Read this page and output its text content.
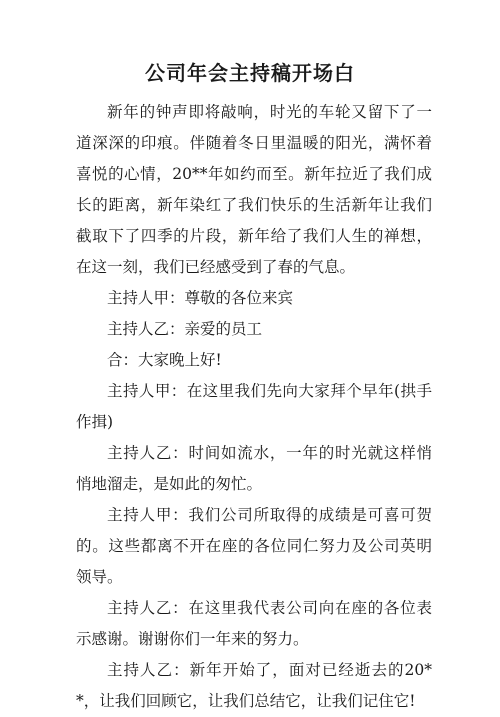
公司年会主持稿开场白

新年的钟声即将敲响，时光的车轮又留下了一道深深的印痕。伴随着冬日里温暖的阳光，满怀着喜悦的心情，20**年如约而至。新年拉近了我们成长的距离，新年染红了我们快乐的生活新年让我们截取下了四季的片段，新年给了我们人生的禅想，在这一刻，我们已经感受到了春的气息。

主持人甲：尊敬的各位来宾

主持人乙：亲爱的员工

合：大家晚上好!

主持人甲：在这里我们先向大家拜个早年(拱手作揖)

主持人乙：时间如流水，一年的时光就这样悄悄地溜走，是如此的匆忙。

主持人甲：我们公司所取得的成绩是可喜可贺的。这些都离不开在座的各位同仁努力及公司英明领导。

主持人乙：在这里我代表公司向在座的各位表示感谢。谢谢你们一年来的努力。

主持人乙：新年开始了，面对已经逝去的20**，让我们回顾它，让我们总结它，让我们记住它!
